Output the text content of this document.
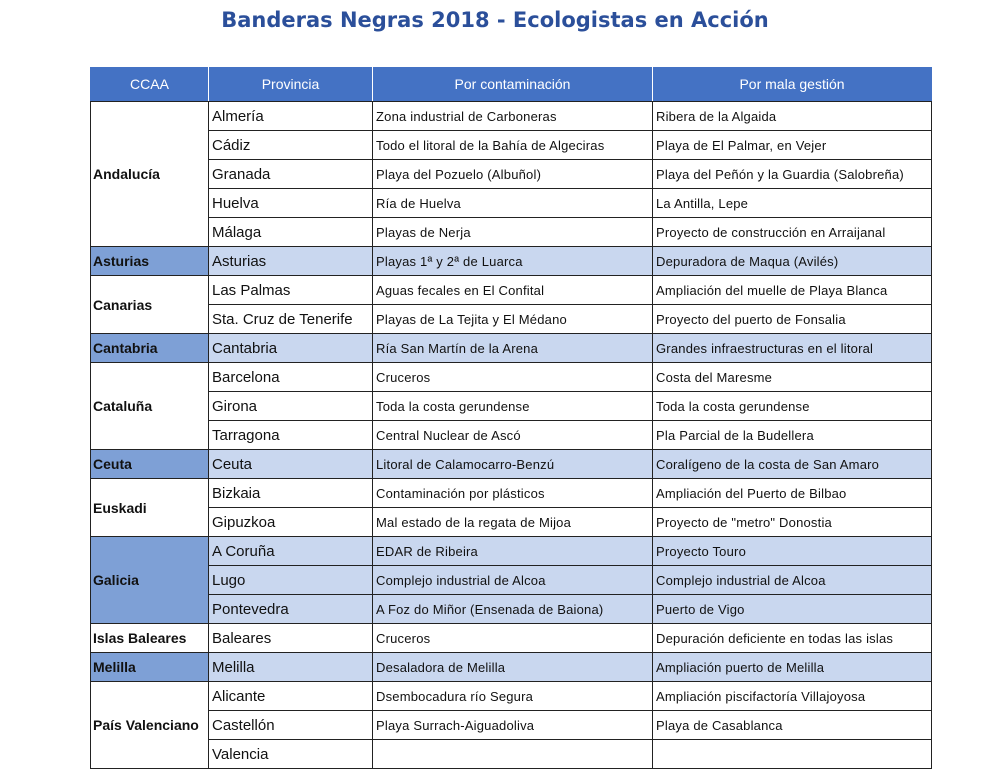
Banderas Negras 2018 - Ecologistas en Acción
CCAA	Provincia	Por contaminación	Por mala gestión
Andalucía	Almería	Zona industrial de Carboneras	Ribera de la Algaida
	Cádiz	Todo el litoral de la Bahía de Algeciras	Playa de El Palmar, en Vejer
	Granada	Playa del Pozuelo (Albuñol)	Playa del Peñón y la Guardia (Salobreña)
	Huelva	Ría de Huelva	La Antilla, Lepe
	Málaga	Playas de Nerja	Proyecto de construcción en Arraijanal
Asturias	Asturias	Playas 1ª y 2ª de Luarca	Depuradora de Maqua (Avilés)
Canarias	Las Palmas	Aguas fecales en El Confital	Ampliación del muelle de Playa Blanca
	Sta. Cruz de Tenerife	Playas de La Tejita y El Médano	Proyecto del puerto de Fonsalia
Cantabria	Cantabria	Ría San Martín de la Arena	Grandes infraestructuras en el litoral
Cataluña	Barcelona	Cruceros	Costa del Maresme
	Girona	Toda la costa gerundense	Toda la costa gerundense
	Tarragona	Central Nuclear de Ascó	Pla Parcial de la Budellera
Ceuta	Ceuta	Litoral de Calamocarro-Benzú	Coralígeno de la costa de San Amaro
Euskadi	Bizkaia	Contaminación por plásticos	Ampliación del Puerto de Bilbao
	Gipuzkoa	Mal estado de la regata de Mijoa	Proyecto de "metro" Donostia
Galicia	A Coruña	EDAR de Ribeira	Proyecto Touro
	Lugo	Complejo industrial de Alcoa	Complejo industrial de Alcoa
	Pontevedra	A Foz do Miñor (Ensenada de Baiona)	Puerto de Vigo
Islas Baleares	Baleares	Cruceros	Depuración deficiente en todas las islas
Melilla	Melilla	Desaladora de Melilla	Ampliación puerto de Melilla
País Valenciano	Alicante	Dsembocadura río Segura	Ampliación piscifactoría Villajoyosa
	Castellón	Playa Surrach-Aiguadoliva	Playa de Casablanca
	Valencia		
